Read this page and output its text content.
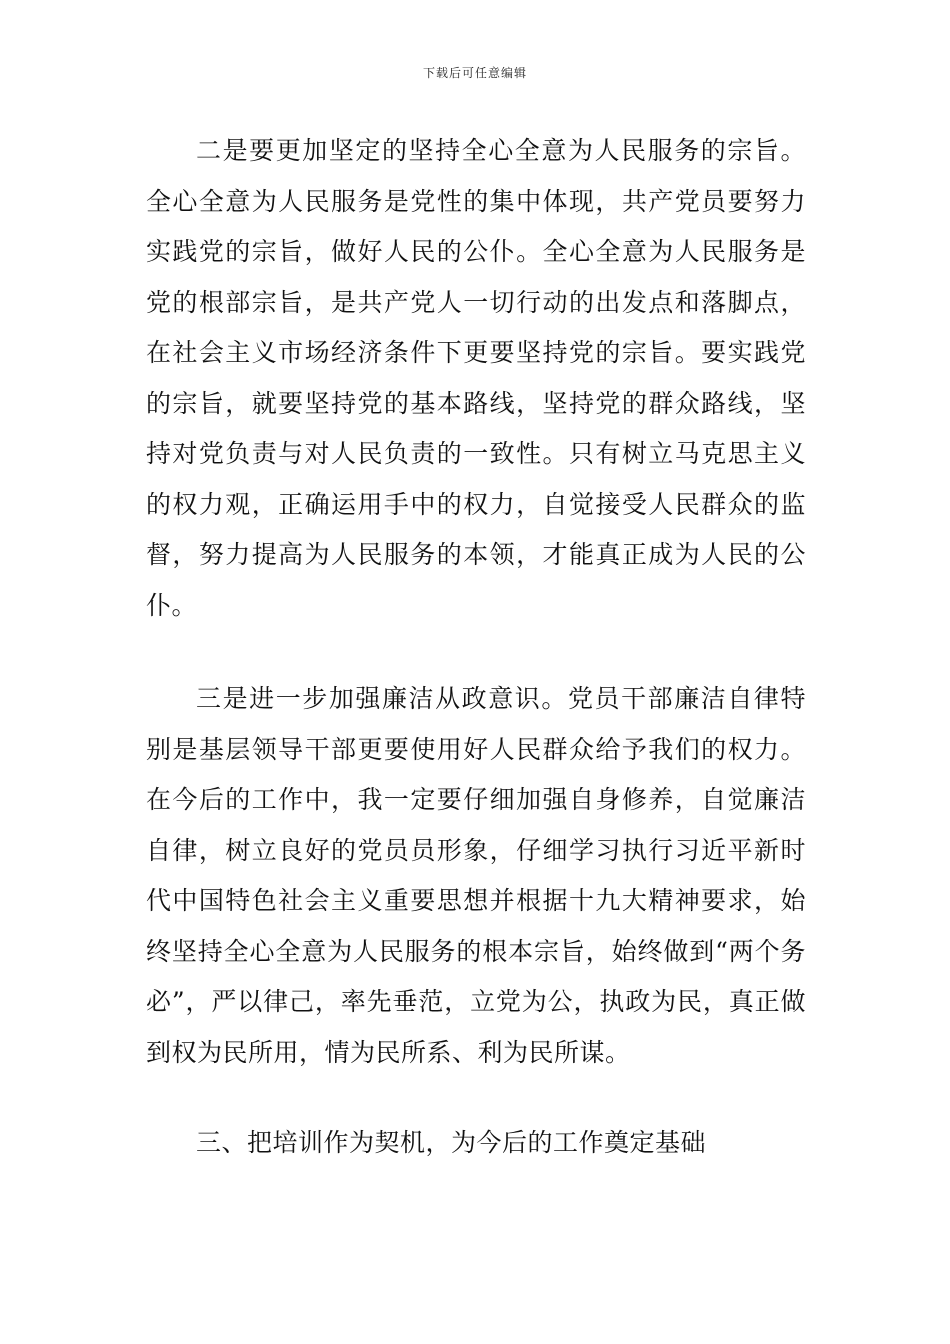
下载后可任意编辑

二是要更加坚定的坚持全心全意为人民服务的宗旨。全心全意为人民服务是党性的集中体现，共产党员要努力实践党的宗旨，做好人民的公仆。全心全意为人民服务是党的根部宗旨，是共产党人一切行动的出发点和落脚点，在社会主义市场经济条件下更要坚持党的宗旨。要实践党的宗旨，就要坚持党的基本路线，坚持党的群众路线，坚持对党负责与对人民负责的一致性。只有树立马克思主义的权力观，正确运用手中的权力，自觉接受人民群众的监督，努力提高为人民服务的本领，才能真正成为人民的公仆。

三是进一步加强廉洁从政意识。党员干部廉洁自律特别是基层领导干部更要使用好人民群众给予我们的权力。在今后的工作中，我一定要仔细加强自身修养，自觉廉洁自律，树立良好的党员员形象，仔细学习执行习近平新时代中国特色社会主义重要思想并根据十九大精神要求，始终坚持全心全意为人民服务的根本宗旨，始终做到“两个务必”，严以律己，率先垂范，立党为公，执政为民，真正做到权为民所用，情为民所系、利为民所谋。

三、把培训作为契机，为今后的工作奠定基础
